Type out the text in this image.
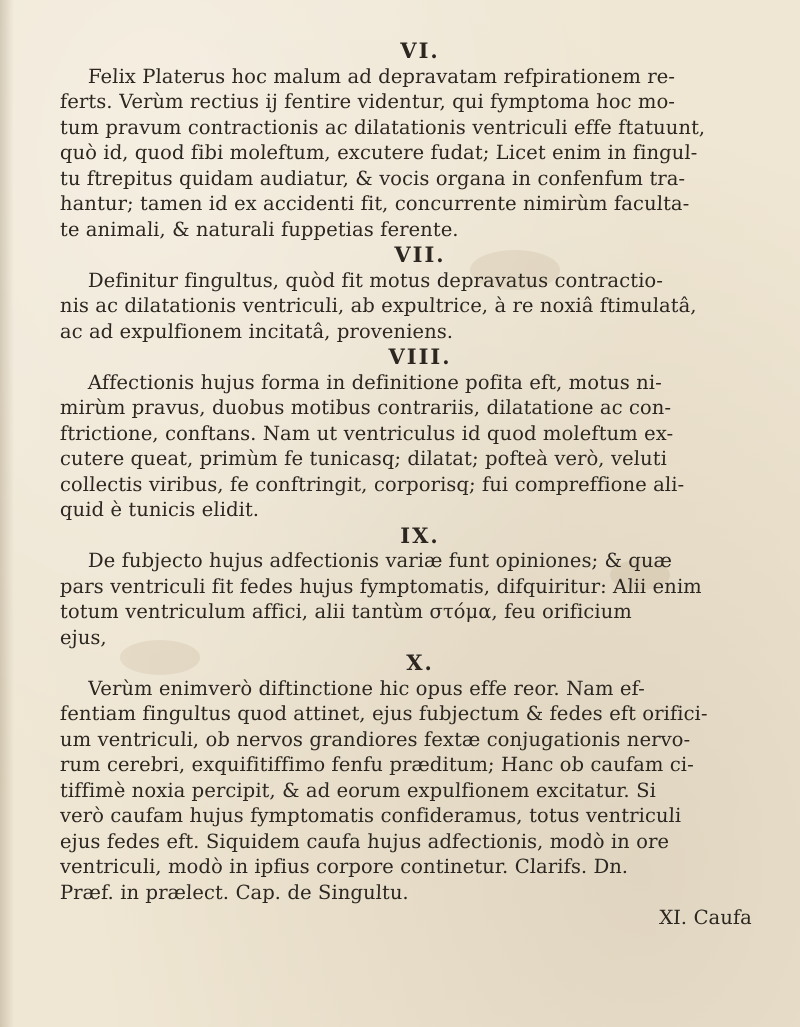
VI.
Felix Platerus hoc malum ad depravatam refpirationem re-
ferts. Verùm rectius ij fentire videntur, qui fymptoma hoc mo-
tum pravum contractionis ac dilatationis ventriculi effe ftatuunt,
quò id, quod fibi moleftum, excutere fudat; Licet enim in fingul-
tu ftrepitus quidam audiatur, & vocis organa in confenfum tra-
hantur; tamen id ex accidenti fit, concurrente nimirùm faculta-
te animali, & naturali fuppetias ferente.
VII.
Definitur fingultus, quòd fit motus depravatus contractio-
nis ac dilatationis ventriculi, ab expultrice, à re noxiâ ftimulatâ,
ac ad expulfionem incitatâ, proveniens.
VIII.
Affectionis hujus forma in definitione pofita eft, motus ni-
mirùm pravus, duobus motibus contrariis, dilatatione ac con-
ftrictione, conftans. Nam ut ventriculus id quod moleftum ex-
cutere queat, primùm fe tunicasq; dilatat; pofteà verò, veluti
collectis viribus, fe conftringit, corporisq; fui compreffione ali-
quid è tunicis elidit.
IX.
De fubjecto hujus adfectionis variæ funt opiniones; & quæ
pars ventriculi fit fedes hujus fymptomatis, difquiritur: Alii enim
totum ventriculum affici, alii tantùm στόμα, feu orificium
ejus,
X.
Verùm enimverò diftinctione hic opus effe reor. Nam ef-
fentiam fingultus quod attinet, ejus fubjectum & fedes eft orifici-
um ventriculi, ob nervos grandiores fextæ conjugationis nervo-
rum cerebri, exquifitiffimo fenfu præditum; Hanc ob caufam ci-
tiffimè noxia percipit, & ad eorum expulfionem excitatur. Si
verò caufam hujus fymptomatis confideramus, totus ventriculi
ejus fedes eft. Siquidem caufa hujus adfectionis, modò in ore
ventriculi, modò in ipfius corpore continetur. Clarifs. Dn.
Præf. in prælect. Cap. de Singultu.
XI. Caufa
